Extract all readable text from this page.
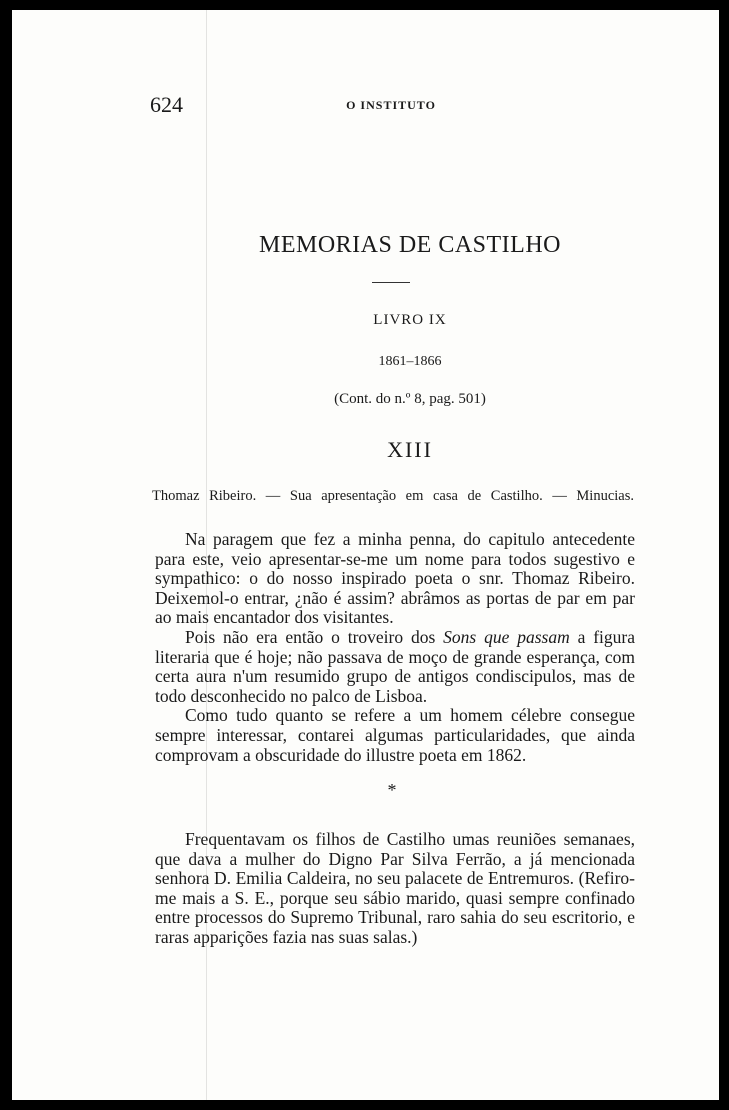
624	O INSTITUTO
MEMORIAS DE CASTILHO
LIVRO IX
1861–1866
(Cont. do n.º 8, pag. 501)
XIII
Thomaz Ribeiro. — Sua apresentação em casa de Castilho. — Minucias.

Na paragem que fez a minha penna, do capitulo antecedente para este, veio apresentar-se-me um nome para todos sugestivo e sympathico: o do nosso inspirado poeta o snr. Thomaz Ribeiro. Deixemol-o entrar, ¿não é assim? abrâmos as portas de par em par ao mais encantador dos visitantes.

Pois não era então o troveiro dos Sons que passam a figura literaria que é hoje; não passava de moço de grande esperança, com certa aura n'um resumido grupo de antigos condiscipulos, mas de todo desconhecido no palco de Lisboa.

Como tudo quanto se refere a um homem célebre consegue sempre interessar, contarei algumas particularidades, que ainda comprovam a obscuridade do illustre poeta em 1862.

*

Frequentavam os filhos de Castilho umas reuniões semanaes, que dava a mulher do Digno Par Silva Ferrão, a já mencionada senhora D. Emilia Caldeira, no seu palacete de Entremuros. (Refiro-me mais a S. E., porque seu sábio marido, quasi sempre confinado entre processos do Supremo Tribunal, raro sahia do seu escritorio, e raras apparições fazia nas suas salas.)
